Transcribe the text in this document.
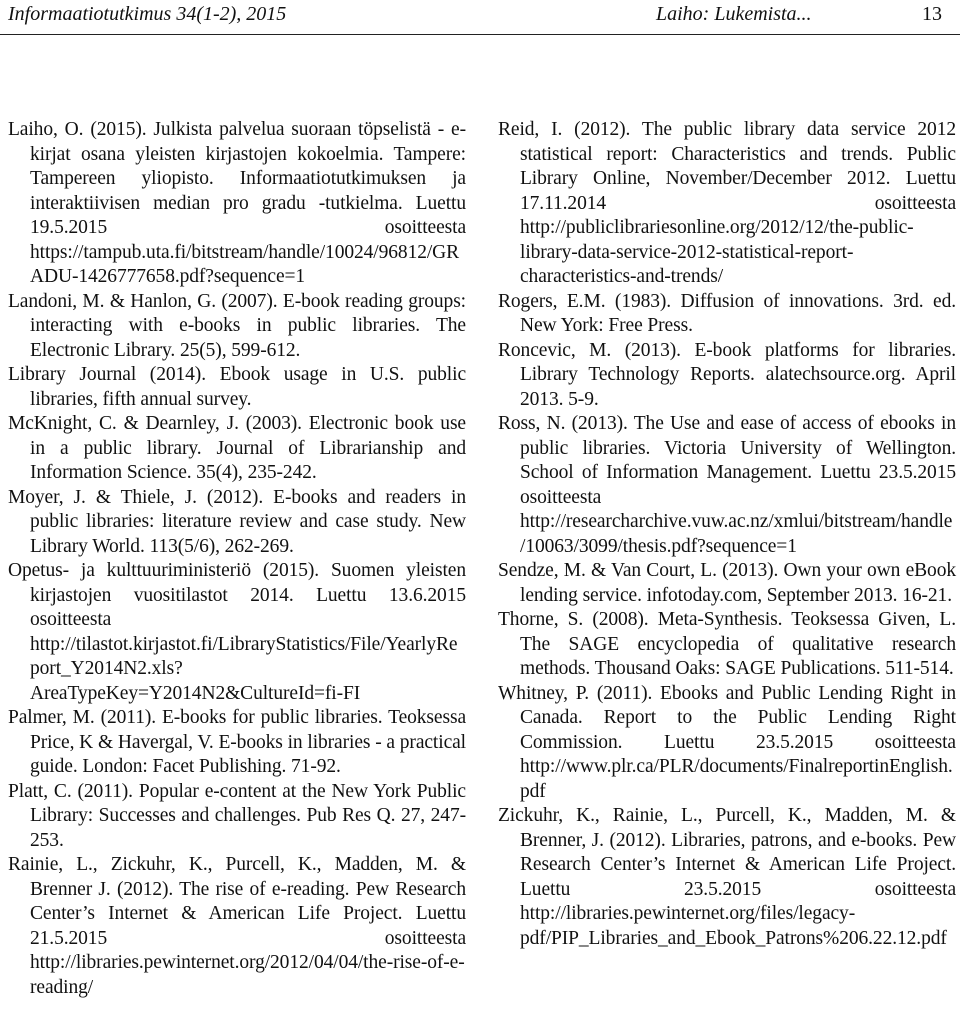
Informaatiotutkimus 34(1-2), 2015	Laiho: Lukemista...	13

Laiho, O. (2015). Julkista palvelua suoraan töpselistä - e-kirjat osana yleisten kirjastojen kokoelmia. Tampere: Tampereen yliopisto. Informaatiotutkimuksen ja interaktiivisen median pro gradu -tutkielma. Luettu 19.5.2015 osoitteesta https://tampub.uta.fi/bitstream/handle/10024/96812/GRADU-1426777658.pdf?sequence=1

Landoni, M. & Hanlon, G. (2007). E-book reading groups: interacting with e-books in public libraries. The Electronic Library. 25(5), 599-612.

Library Journal (2014). Ebook usage in U.S. public libraries, fifth annual survey.

McKnight, C. & Dearnley, J. (2003). Electronic book use in a public library. Journal of Librarianship and Information Science. 35(4), 235-242.

Moyer, J. & Thiele, J. (2012). E-books and readers in public libraries: literature review and case study. New Library World. 113(5/6), 262-269.

Opetus- ja kulttuuriministeriö (2015). Suomen yleisten kirjastojen vuositilastot 2014. Luettu 13.6.2015 osoitteesta http://tilastot.kirjastot.fi/LibraryStatistics/File/YearlyReport_Y2014N2.xls?AreaTypeKey=Y2014N2&CultureId=fi-FI

Palmer, M. (2011). E-books for public libraries. Teoksessa Price, K & Havergal, V. E-books in libraries - a practical guide. London: Facet Publishing. 71-92.

Platt, C. (2011). Popular e-content at the New York Public Library: Successes and challenges. Pub Res Q. 27, 247-253.

Rainie, L., Zickuhr, K., Purcell, K., Madden, M. & Brenner J. (2012). The rise of e-reading. Pew Research Center’s Internet & American Life Project. Luettu 21.5.2015 osoitteesta http://libraries.pewinternet.org/2012/04/04/the-rise-of-e-reading/

Reid, I. (2012). The public library data service 2012 statistical report: Characteristics and trends. Public Library Online, November/December 2012. Luettu 17.11.2014 osoitteesta http://publiclibrariesonline.org/2012/12/the-public-library-data-service-2012-statistical-report-characteristics-and-trends/

Rogers, E.M. (1983). Diffusion of innovations. 3rd. ed. New York: Free Press.

Roncevic, M. (2013). E-book platforms for libraries. Library Technology Reports. alatechsource.org. April 2013. 5-9.

Ross, N. (2013). The Use and ease of access of ebooks in public libraries. Victoria University of Wellington. School of Information Management. Luettu 23.5.2015 osoitteesta http://researcharchive.vuw.ac.nz/xmlui/bitstream/handle/10063/3099/thesis.pdf?sequence=1

Sendze, M. & Van Court, L. (2013). Own your own eBook lending service. infotoday.com, September 2013. 16-21.

Thorne, S. (2008). Meta-Synthesis. Teoksessa Given, L. The SAGE encyclopedia of qualitative research methods. Thousand Oaks: SAGE Publications. 511-514.

Whitney, P. (2011). Ebooks and Public Lending Right in Canada. Report to the Public Lending Right Commission. Luettu 23.5.2015 osoitteesta http://www.plr.ca/PLR/documents/FinalreportinEnglish.pdf

Zickuhr, K., Rainie, L., Purcell, K., Madden, M. & Brenner, J. (2012). Libraries, patrons, and e-books. Pew Research Center’s Internet & American Life Project. Luettu 23.5.2015 osoitteesta http://libraries.pewinternet.org/files/legacy-pdf/PIP_Libraries_and_Ebook_Patrons%206.22.12.pdf
